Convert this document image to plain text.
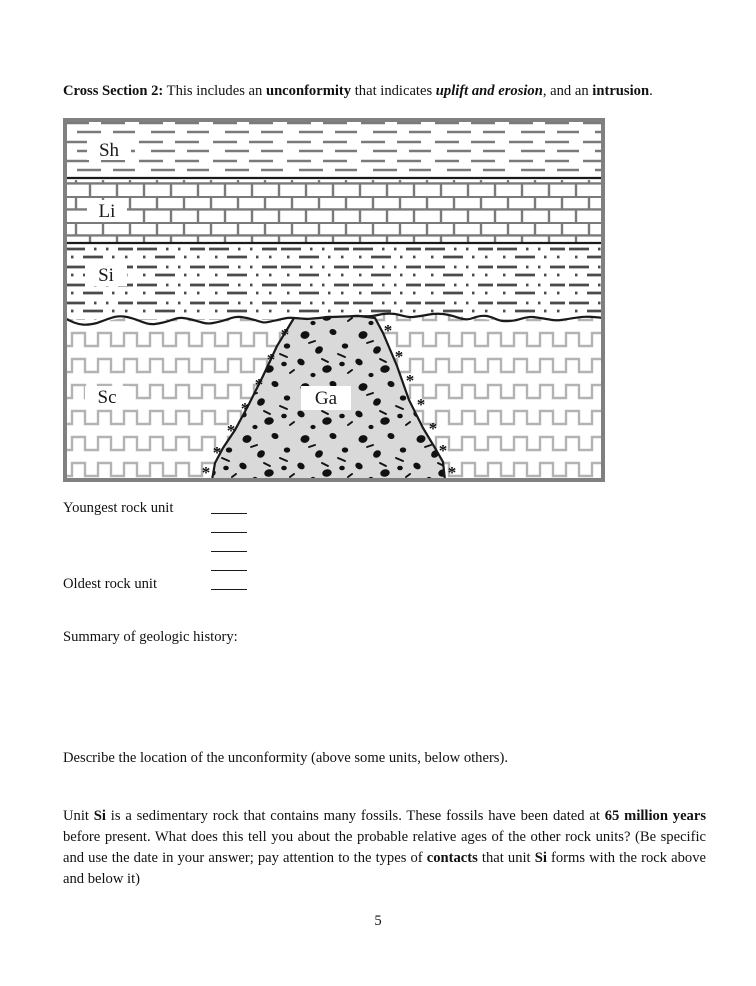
Cross Section 2: This includes an unconformity that indicates uplift and erosion, and an intrusion.

Sh
Li
Si
Sc	Ga
*
*
*
*
*
*
*
*
*
*
*
*
*
*
Youngest rock unit
Oldest rock unit

Summary of geologic history:

Describe the location of the unconformity (above some units, below others).

Unit Si is a sedimentary rock that contains many fossils. These fossils have been dated at 65 million years before present. What does this tell you about the probable relative ages of the other rock units? (Be specific and use the date in your answer; pay attention to the types of contacts that unit Si forms with the rock above and below it)

5
